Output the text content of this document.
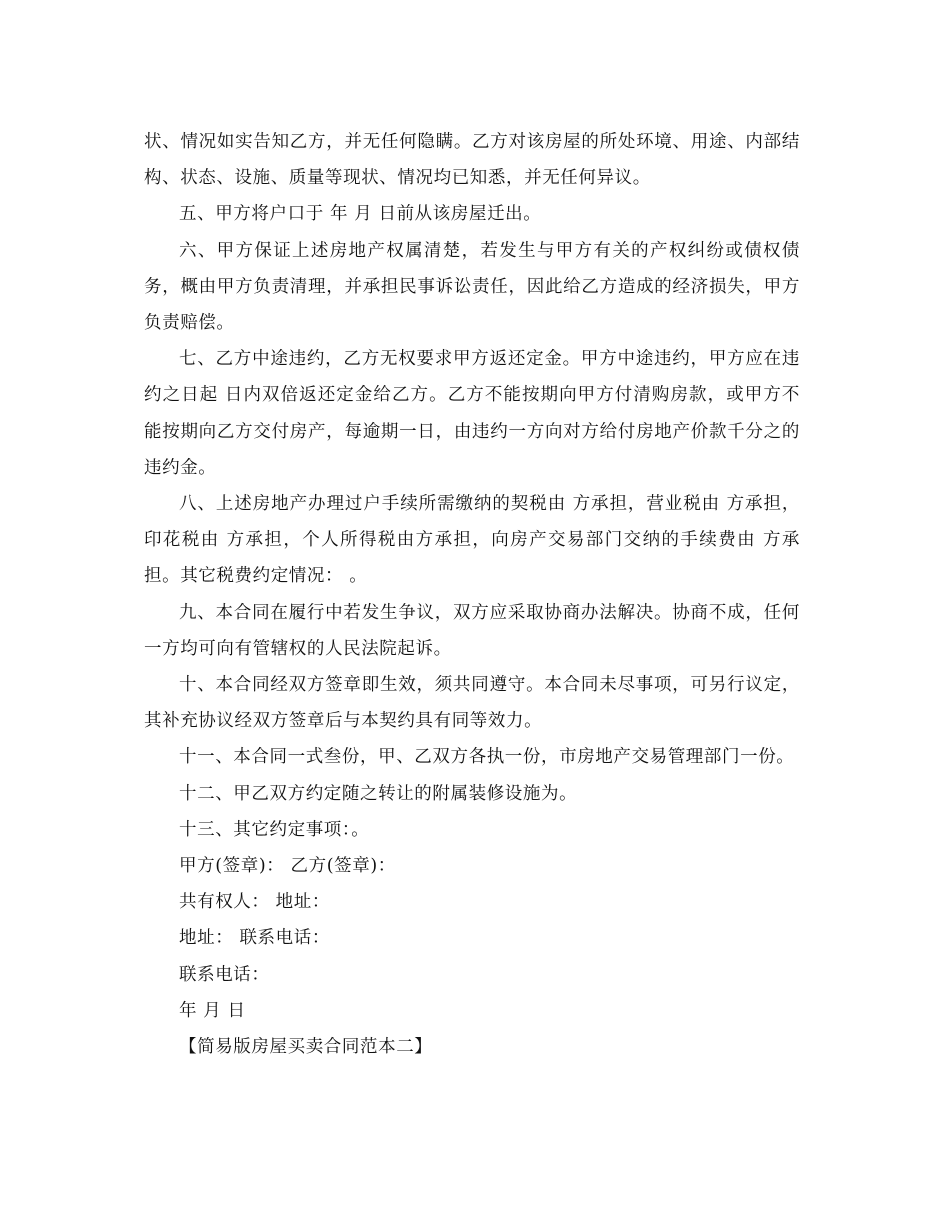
状、情况如实告知乙方，并无任何隐瞒。乙方对该房屋的所处环境、用途、内部结构、状态、设施、质量等现状、情况均已知悉，并无任何异议。

五、甲方将户口于 年 月 日前从该房屋迁出。

六、甲方保证上述房地产权属清楚，若发生与甲方有关的产权纠纷或债权债务，概由甲方负责清理，并承担民事诉讼责任，因此给乙方造成的经济损失，甲方负责赔偿。

七、乙方中途违约，乙方无权要求甲方返还定金。甲方中途违约，甲方应在违约之日起 日内双倍返还定金给乙方。乙方不能按期向甲方付清购房款，或甲方不能按期向乙方交付房产，每逾期一日，由违约一方向对方给付房地产价款千分之的违约金。

八、上述房地产办理过户手续所需缴纳的契税由 方承担，营业税由 方承担，印花税由 方承担，个人所得税由方承担，向房产交易部门交纳的手续费由 方承担。其它税费约定情况： 。

九、本合同在履行中若发生争议，双方应采取协商办法解决。协商不成，任何一方均可向有管辖权的人民法院起诉。

十、本合同经双方签章即生效，须共同遵守。本合同未尽事项，可另行议定，其补充协议经双方签章后与本契约具有同等效力。

十一、本合同一式叁份，甲、乙双方各执一份，市房地产交易管理部门一份。

十二、甲乙双方约定随之转让的附属装修设施为。

十三、其它约定事项：。

甲方(签章)： 乙方(签章)：

共有权人： 地址：

地址： 联系电话：

联系电话：

年 月 日

【简易版房屋买卖合同范本二】
